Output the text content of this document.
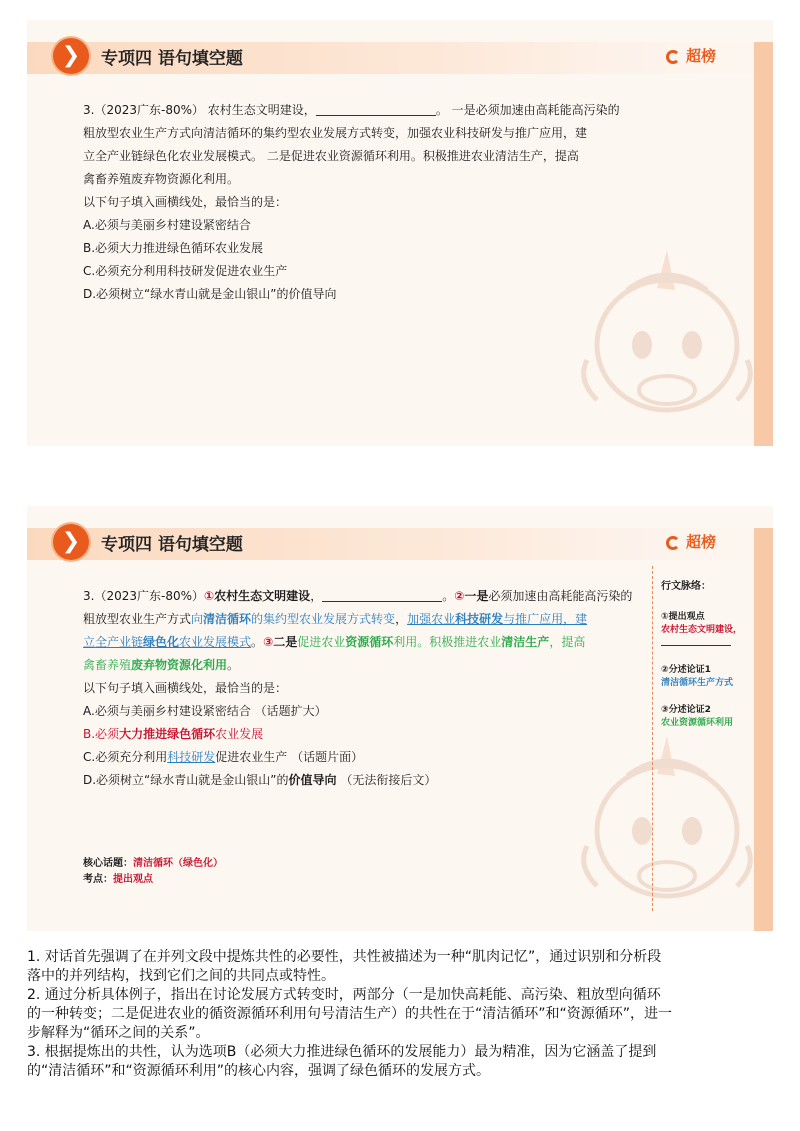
❯	专项四 语句填空题	超榜
3.（2023广东-80%） 农村生态文明建设，	。 一是必须加速由高耗能高污染的
粗放型农业生产方式向清洁循环的集约型农业发展方式转变，加强农业科技研发与推广应用，建
立全产业链绿色化农业发展模式。 二是促进农业资源循环利用。积极推进农业清洁生产，提高
禽畜养殖废弃物资源化利用。
以下句子填入画横线处，最恰当的是：
A.必须与美丽乡村建设紧密结合
B.必须大力推进绿色循环农业发展
C.必须充分利用科技研发促进农业生产
D.必须树立“绿水青山就是金山银山”的价值导向
❯	专项四 语句填空题	超榜
3.（2023广东-80%）①农村生态文明建设，	。②一是必须加速由高耗能高污染的
粗放型农业生产方式向清洁循环的集约型农业发展方式转变，加强农业科技研发与推广应用，建
立全产业链绿色化农业发展模式。③二是促进农业资源循环利用。积极推进农业清洁生产，提高
禽畜养殖废弃物资源化利用。
以下句子填入画横线处，最恰当的是：
A.必须与美丽乡村建设紧密结合 （话题扩大）
B.必须大力推进绿色循环农业发展
C.必须充分利用科技研发促进农业生产 （话题片面）
D.必须树立“绿水青山就是金山银山”的价值导向 （无法衔接后文）
核心话题：清洁循环（绿色化）
考点：提出观点
行文脉络：
①提出观点
农村生态文明建设，
②分述论证1
清洁循环生产方式
③分述论证2
农业资源循环利用
1. 对话首先强调了在并列文段中提炼共性的必要性，共性被描述为一种“肌肉记忆”，通过识别和分析段
落中的并列结构，找到它们之间的共同点或特性。
2. 通过分析具体例子，指出在讨论发展方式转变时，两部分（一是加快高耗能、高污染、粗放型向循环
的一种转变；二是促进农业的循资源循环利用句号清洁生产）的共性在于“清洁循环”和“资源循环”，进一
步解释为“循环之间的关系”。
3. 根据提炼出的共性，认为选项B（必须大力推进绿色循环的发展能力）最为精准，因为它涵盖了提到
的“清洁循环”和“资源循环利用”的核心内容，强调了绿色循环的发展方式。
